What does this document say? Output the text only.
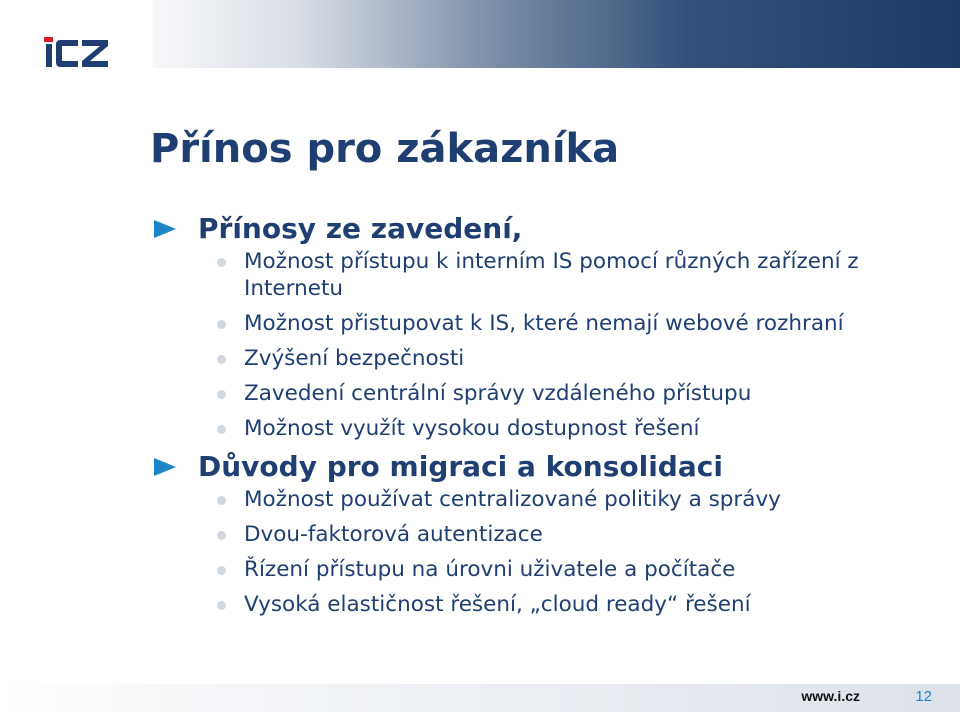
Přínos pro zákazníka
Přínosy ze zavedení,
Možnost přístupu k interním IS pomocí různých zařízení z Internetu
Možnost přistupovat k IS, které nemají webové rozhraní
Zvýšení bezpečnosti
Zavedení centrální správy vzdáleného přístupu
Možnost využít vysokou dostupnost řešení
Důvody pro migraci a konsolidaci
Možnost používat centralizované politiky a správy
Dvou-faktorová autentizace
Řízení přístupu na úrovni uživatele a počítače
Vysoká elastičnost řešení, „cloud ready“ řešení
www.i.cz	12
